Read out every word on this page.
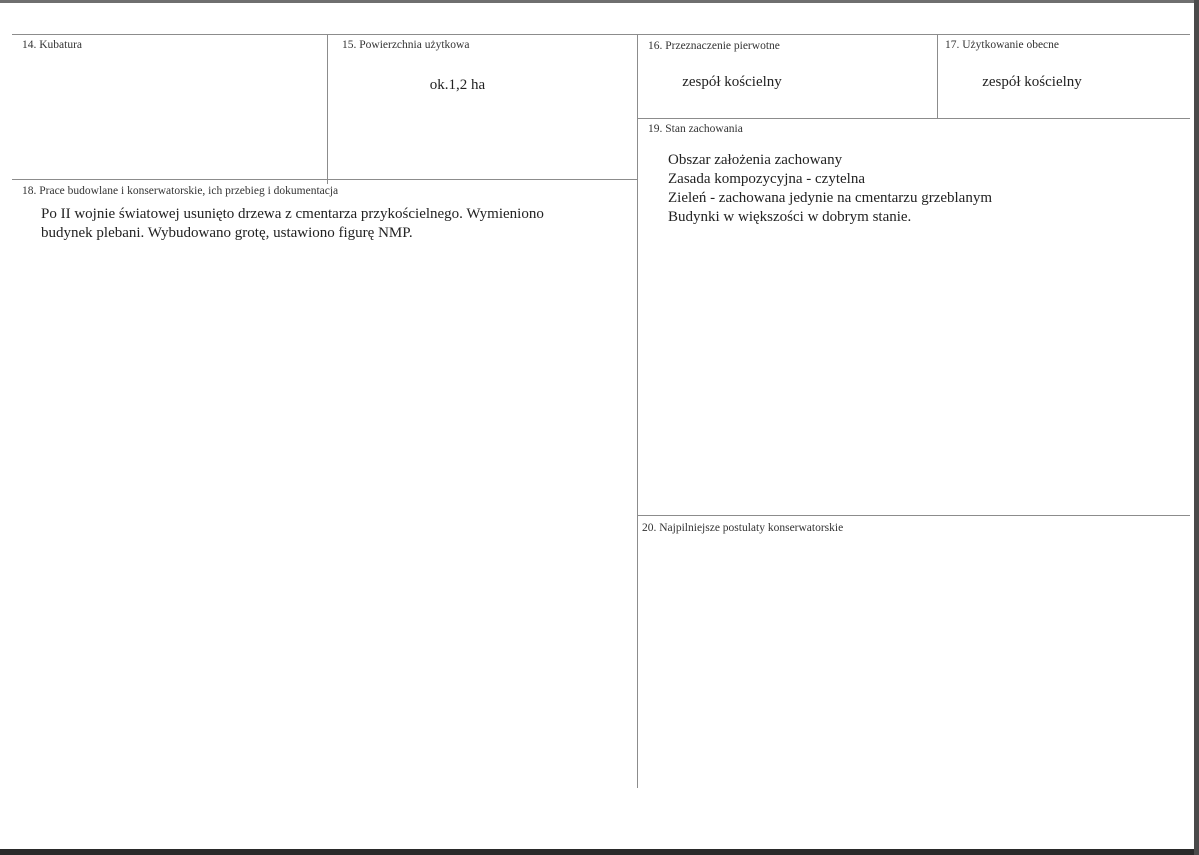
14. Kubatura	15. Powierzchnia użytkowa
ok.1,2 ha
16. Przeznaczenie pierwotne
zespół kościelny
17. Użytkowanie obecne
zespół kościelny
18. Prace budowlane i konserwatorskie, ich przebieg i dokumentacja
Po II wojnie światowej usunięto drzewa z cmentarza przykościelnego. Wymieniono
budynek plebani. Wybudowano grotę, ustawiono figurę NMP.
19. Stan zachowania
Obszar założenia zachowany
Zasada kompozycyjna - czytelna
Zieleń - zachowana jedynie na cmentarzu grzeblanym
Budynki w większości w dobrym stanie.
20. Najpilniejsze postulaty konserwatorskie
